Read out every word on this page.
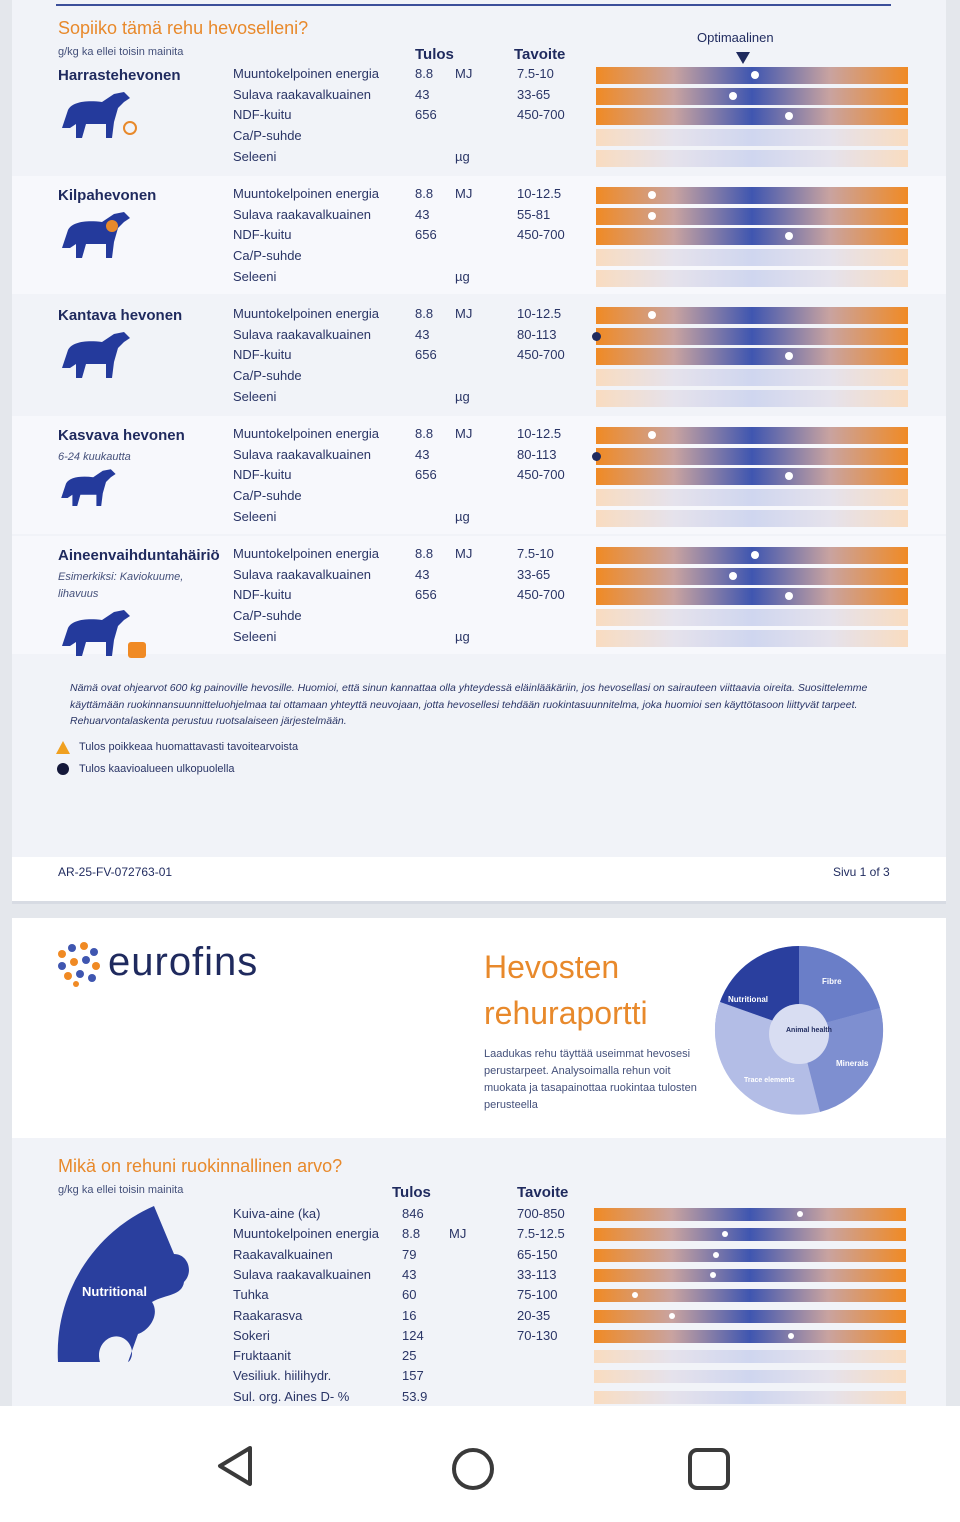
Sopiiko tämä rehu hevoselleni?
g/kg ka ellei toisin mainita	Tulos	Tavoite
Optimaalinen
Harrastehevonen	Muuntokelpoinen energia	8.8 MJ	7.5-10
Sulava raakavalkuainen	43	33-65
NDF-kuitu	656	450-700
Ca/P-suhde
Seleeni	µg
Kilpahevonen	Muuntokelpoinen energia	8.8 MJ	10-12.5
Sulava raakavalkuainen	43	55-81
NDF-kuitu	656	450-700
Ca/P-suhde
Seleeni	µg
Kantava hevonen	Muuntokelpoinen energia	8.8 MJ	10-12.5
Sulava raakavalkuainen	43	80-113
NDF-kuitu	656	450-700
Ca/P-suhde
Seleeni	µg
Kasvava hevonen
6-24 kuukautta
Muuntokelpoinen energia	8.8 MJ	10-12.5
Sulava raakavalkuainen	43	80-113
NDF-kuitu	656	450-700
Ca/P-suhde
Seleeni	µg
Aineenvaihduntahäiriö
Esimerkiksi: Kaviokuume, lihavuus
Muuntokelpoinen energia	8.8 MJ	7.5-10
Sulava raakavalkuainen	43	33-65
NDF-kuitu	656	450-700
Ca/P-suhde
Seleeni	µg
Nämä ovat ohjearvot 600 kg painoville hevosille. Huomioi, että sinun kannattaa olla yhteydessä eläinlääkäriin, jos hevosellasi on sairauteen viittaavia oireita. Suosittelemme käyttämään ruokinnansuunnitteluohjelmaa tai ottamaan yhteyttä neuvojaan, jotta hevosellesi tehdään ruokintasuunnitelma, joka huomioi sen käyttötasoon liittyvät tarpeet. Rehuarvontalaskenta perustuu ruotsalaiseen järjestelmään.
Tulos poikkeaa huomattavasti tavoitearvoista
Tulos kaavioalueen ulkopuolella
AR-25-FV-072763-01	Sivu 1 of 3
eurofins	Hevosten
rehuraportti
Laadukas rehu täyttää useimmat hevosesi perustarpeet. Analysoimalla rehun voit muokata ja tasapainottaa ruokintaa tulosten perusteella
Nutritional
Fibre
Animal health
Minerals
Trace elements
Mikä on rehuni ruokinnallinen arvo?
g/kg ka ellei toisin mainita	Tulos	Tavoite
Nutritional
Kuiva-aine (ka)	846	700-850
Muuntokelpoinen energia 8.8 MJ	7.5-12.5
Raakavalkuainen	79	65-150
Sulava raakavalkuainen 43	33-113
Tuhka	60	75-100
Raakarasva	16	20-35
Sokeri	124	70-130
Fruktaanit	25
Vesiliuk. hiilihydr.	157
Sul. org. Aines D- %	53.9
